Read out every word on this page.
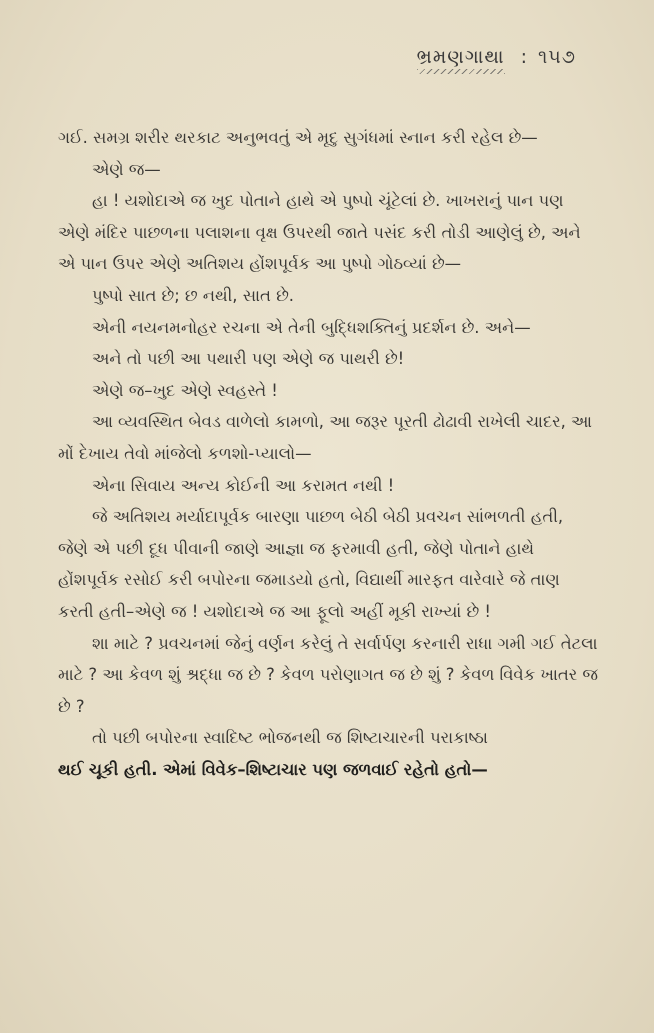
ભ્રમણગાથા : ૧૫૭

ગઈ. સમગ્ર શરીર થરકાટ અનુભવતું એ મૃદુ સુગંધમાં સ્નાન કરી રહેલ છે—

એણે જ—

હા ! યશોદાએ જ ખુદ પોતાને હાથે એ પુષ્પો ચૂંટેલાં છે. ખાખરાનું પાન પણ એણે મંદિર પાછળના પલાશના વૃક્ષ ઉપરથી જાતે પસંદ કરી તોડી આણેલું છે, અને એ પાન ઉપર એણે અતિશય હોંશપૂર્વક આ પુષ્પો ગોઠવ્યાં છે—

પુષ્પો સાત છે; છ નથી, સાત છે.

એની નયનમનોહર રચના એ તેની બુદ્ધિશક્તિનું પ્રદર્શન છે. અને—

અને તો પછી આ પથારી પણ એણે જ પાથરી છે!

એણે જ–ખુદ એણે સ્વહસ્તે !

આ વ્યવસ્થિત બેવડ વાળેલો કામળો, આ જરૂર પૂરતી ઢોઢાવી રાખેલી ચાદર, આ મોં દેખાય તેવો માંજેલો કળશો-પ્યાલો—

એના સિવાય અન્ય કોઈની આ કરામત નથી !

જે અતિશય મર્યાદાપૂર્વક બારણા પાછળ બેઠી બેઠી પ્રવચન સાંભળતી હતી, જેણે એ પછી દૂધ પીવાની જાણે આજ્ઞા જ ફરમાવી હતી, જેણે પોતાને હાથે હોંશપૂર્વક રસોઈ કરી બપોરના જમાડયો હતો, વિદ્યાર્થી મારફત વારેવારે જે તાણ કરતી હતી–એણે જ ! યશોદાએ જ આ ફૂલો અહીં મૂકી રાખ્યાં છે !

શા માટે ? પ્રવચનમાં જેનું વર્ણન કરેલું તે સર્વાર્પણ કરનારી રાધા ગમી ગઈ તેટલા માટે ? આ કેવળ શું શ્રદ્ધા જ છે ? કેવળ પરોણાગત જ છે શું ? કેવળ વિવેક ખાતર જ છે ?

તો પછી બપોરના સ્વાદિષ્ટ ભોજનથી જ શિષ્ટાચારની પરાકાષ્ઠા

થઈ ચૂકી હતી. એમાં વિવેક–શિષ્ટાચાર પણ જળવાઈ રહેતો હતો—
